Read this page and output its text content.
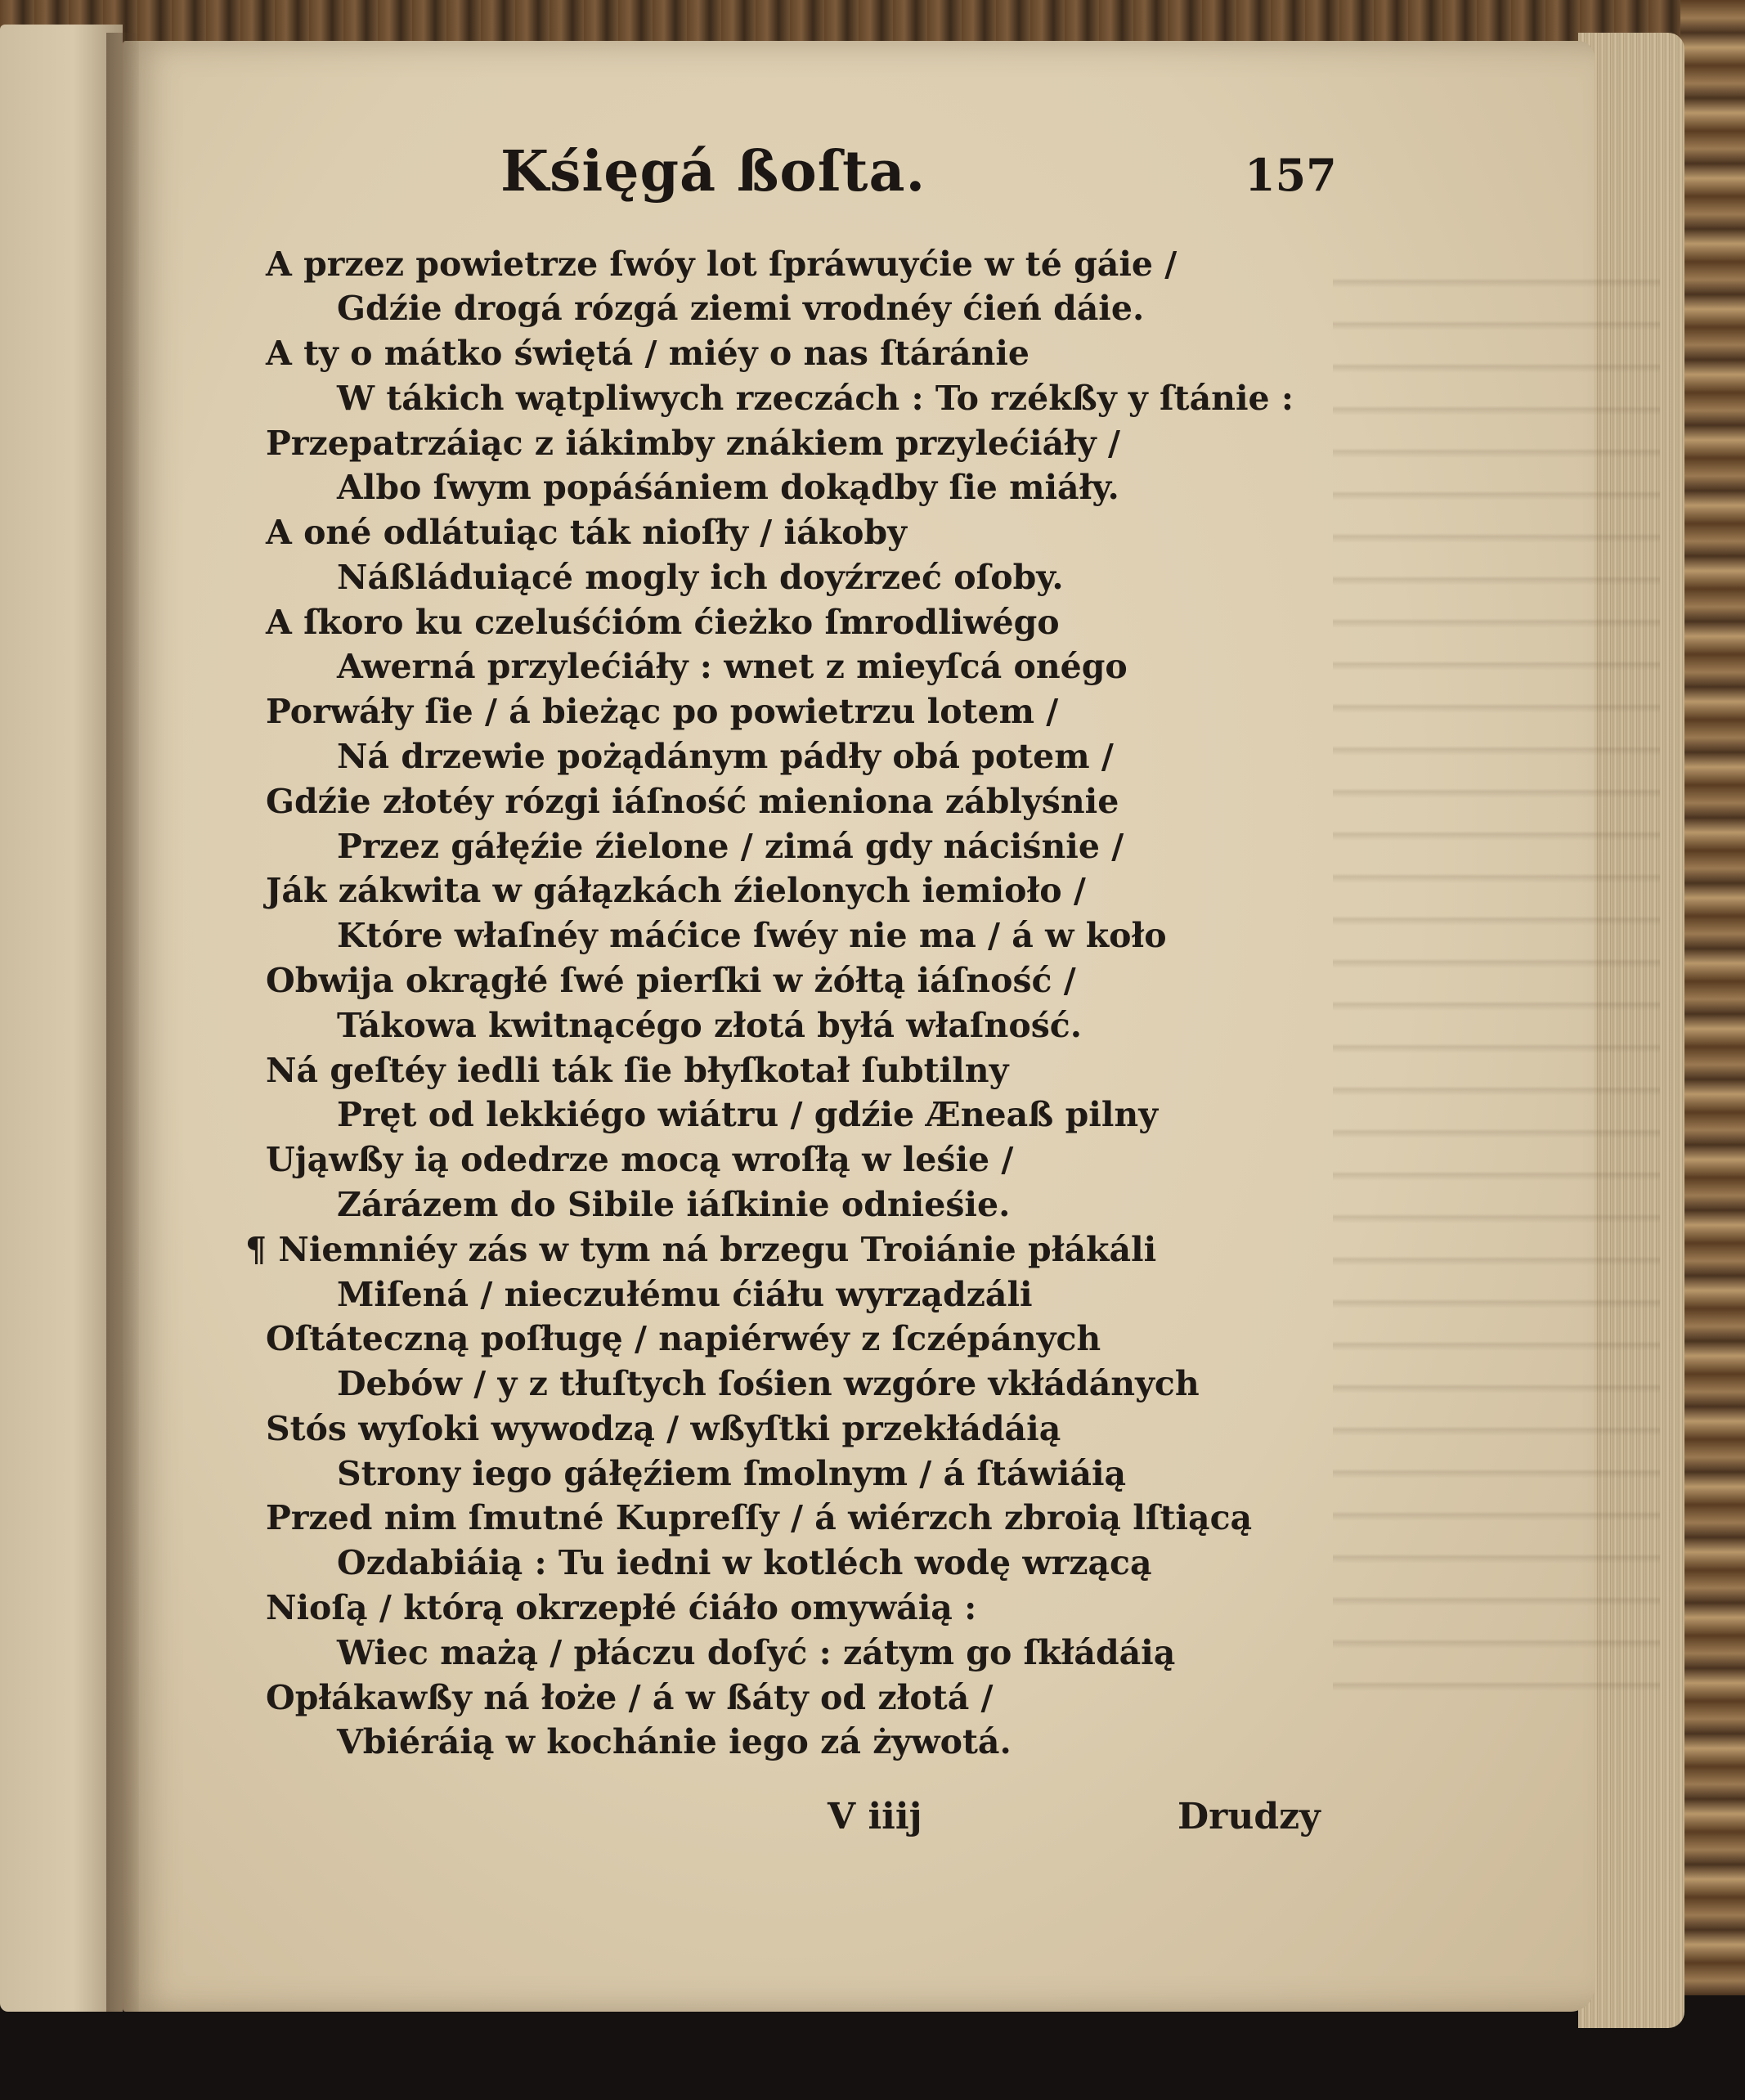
Kśięgá ßoſta.	157
A przez powietrze ſwóy lot ſpráwuyćie w té gáie /
Gdźie drogá rózgá ziemi vrodnéy ćień dáie.
A ty o mátko świętá / miéy o nas ſtáránie
W tákich wątpliwych rzeczách : To rzékßy y ſtánie :
Przepatrzáiąc z iákimby znákiem przylećiáły /
Albo ſwym popáśániem dokądby ſie miáły.
A oné odlátuiąc ták nioſły / iákoby
Náßláduiącé mogly ich doyźrzeć oſoby.
A ſkoro ku czeluśćióm ćieżko ſmrodliwégo
Awerná przylećiáły : wnet z mieyſcá onégo
Porwáły ſie / á bieżąc po powietrzu lotem /
Ná drzewie pożądánym pádły obá potem /
Gdźie złotéy rózgi iáſność mieniona záblyśnie
Przez gáłęźie źielone / zimá gdy náciśnie /
Ják zákwita w gáłązkách źielonych iemioło /
Które właſnéy máćice ſwéy nie ma / á w koło
Obwija okrągłé ſwé pierſki w żółtą iáſność /
Tákowa kwitnącégo złotá byłá właſność.
Ná geſtéy iedli ták ſie błyſkotał ſubtilny
Pręt od lekkiégo wiátru / gdźie Æneaß pilny
Ująwßy ią odedrze mocą wroſłą w leśie /
Zárázem do Sibile iáſkinie odnieśie.
¶ Niemniéy zás w tym ná brzegu Troiánie płákáli
Miſená / nieczułému ćiáłu wyrządzáli
Oſtáteczną poſługę / napiérwéy z ſczépánych
Debów / y z tłuſtych ſośien wzgóre vkłádánych
Stós wyſoki wywodzą / wßyſtki przekłádáią
Strony iego gáłęźiem ſmolnym / á ſtáwiáią
Przed nim ſmutné Kupreſſy / á wiérzch zbroią lſtiącą
Ozdabiáią : Tu iedni w kotléch wodę wrzącą
Nioſą / którą okrzepłé ćiáło omywáią :
Wiec mażą / płáczu doſyć : zátym go ſkłádáią
Opłákawßy ná łoże / á w ßáty od złotá /
Vbiéráią w kochánie iego zá żywotá.
V iiij	Drudzy
